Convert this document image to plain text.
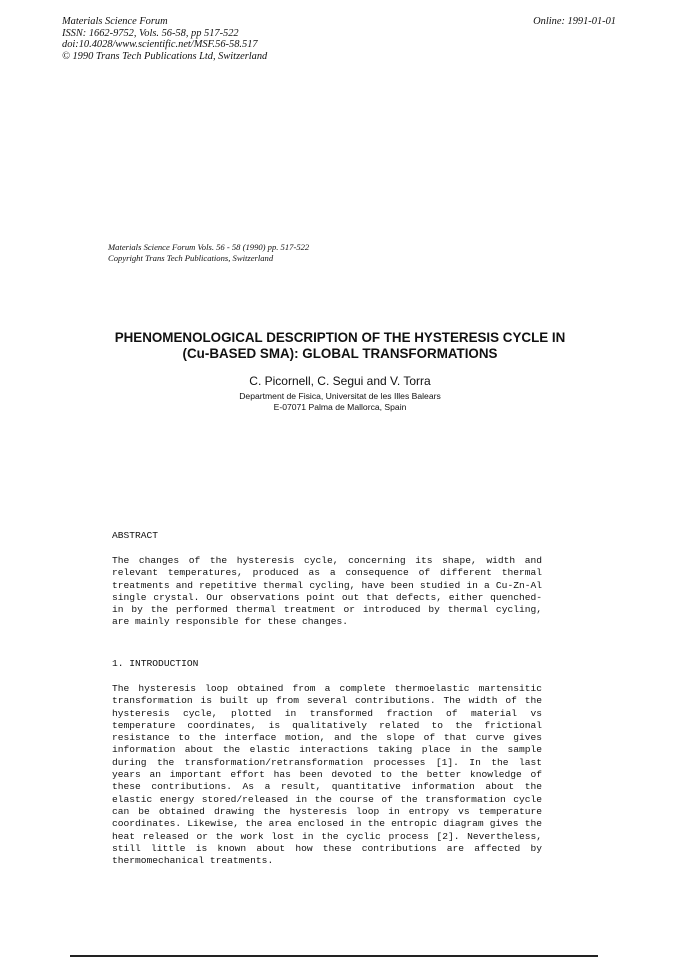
Materials Science Forum
ISSN: 1662-9752, Vols. 56-58, pp 517-522
doi:10.4028/www.scientific.net/MSF.56-58.517
© 1990 Trans Tech Publications Ltd, Switzerland
Online: 1991-01-01
Materials Science Forum Vols. 56 - 58 (1990) pp. 517-522
Copyright Trans Tech Publications, Switzerland
PHENOMENOLOGICAL DESCRIPTION OF THE HYSTERESIS CYCLE IN
(Cu-BASED SMA): GLOBAL TRANSFORMATIONS
C. Picornell, C. Segui and V. Torra
Department de Fisica, Universitat de les Illes Balears
E-07071 Palma de Mallorca, Spain
ABSTRACT

The changes of the hysteresis cycle, concerning its shape, width and relevant temperatures, produced as a consequence of different thermal treatments and repetitive thermal cycling, have been studied in a Cu-Zn-Al single crystal. Our observations point out that defects, either quenched-in by the performed thermal treatment or introduced by thermal cycling, are mainly responsible for these changes.

1. INTRODUCTION

The hysteresis loop obtained from a complete thermoelastic martensitic transformation is built up from several contributions. The width of the hysteresis cycle, plotted in transformed fraction of material vs temperature coordinates, is qualitatively related to the frictional resistance to the interface motion, and the slope of that curve gives information about the elastic interactions taking place in the sample during the transformation/retransformation processes [1]. In the last years an important effort has been devoted to the better knowledge of these contributions. As a result, quantitative information about the elastic energy stored/released in the course of the transformation cycle can be obtained drawing the hysteresis loop in entropy vs temperature coordinates. Likewise, the area enclosed in the entropic diagram gives the heat released or the work lost in the cyclic process [2]. Nevertheless, still little is known about how these contributions are affected by thermomechanical treatments.
